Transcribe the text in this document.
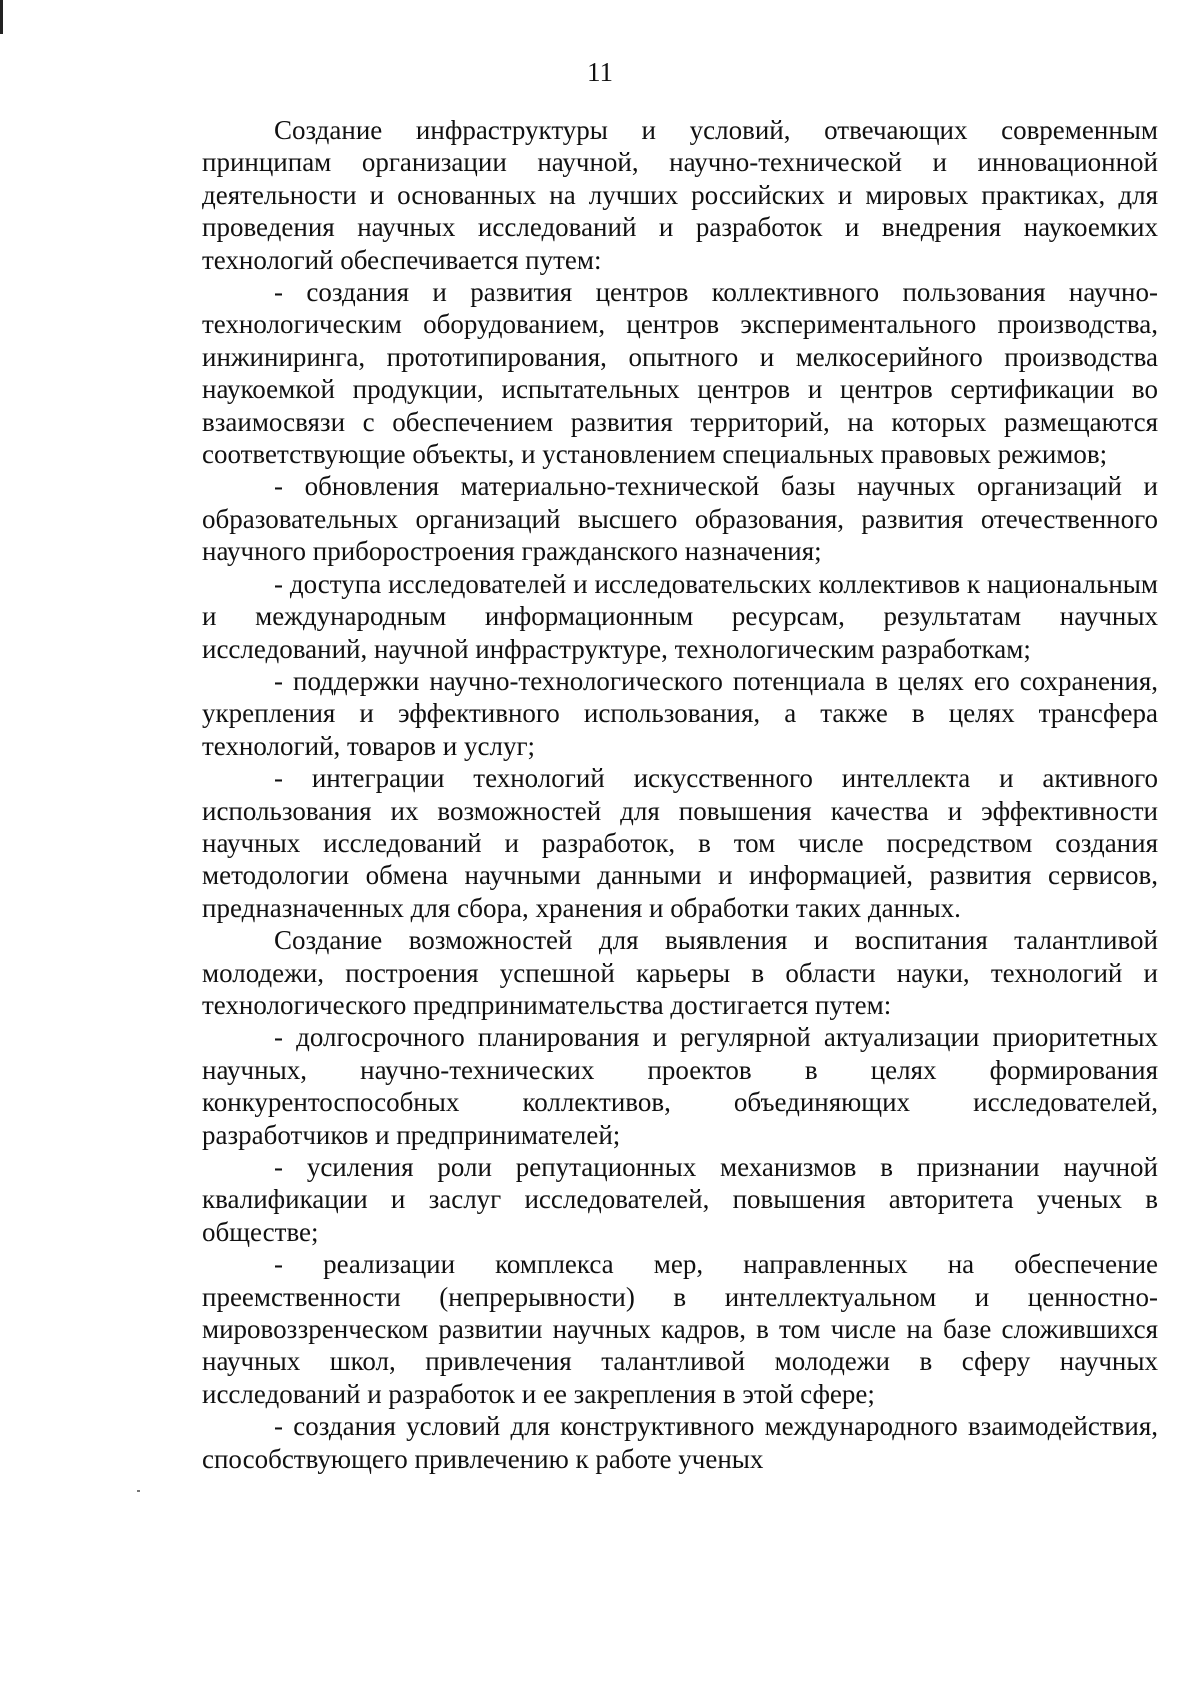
11

Создание инфраструктуры и условий, отвечающих современным принципам организации научной, научно-технической и инновационной деятельности и основанных на лучших российских и мировых практиках, для проведения научных исследований и разработок и внедрения наукоемких технологий обеспечивается путем:

- создания и развития центров коллективного пользования научно-технологическим оборудованием, центров экспериментального производства, инжиниринга, прототипирования, опытного и мелкосерийного производства наукоемкой продукции, испытательных центров и центров сертификации во взаимосвязи с обеспечением развития территорий, на которых размещаются соответствующие объекты, и установлением специальных правовых режимов;

- обновления материально-технической базы научных организаций и образовательных организаций высшего образования, развития отечественного научного приборостроения гражданского назначения;

- доступа исследователей и исследовательских коллективов к национальным и международным информационным ресурсам, результатам научных исследований, научной инфраструктуре, технологическим разработкам;

- поддержки научно-технологического потенциала в целях его сохранения, укрепления и эффективного использования, а также в целях трансфера технологий, товаров и услуг;

- интеграции технологий искусственного интеллекта и активного использования их возможностей для повышения качества и эффективности научных исследований и разработок, в том числе посредством создания методологии обмена научными данными и информацией, развития сервисов, предназначенных для сбора, хранения и обработки таких данных.

Создание возможностей для выявления и воспитания талантливой молодежи, построения успешной карьеры в области науки, технологий и технологического предпринимательства достигается путем:

- долгосрочного планирования и регулярной актуализации приоритетных научных, научно-технических проектов в целях формирования конкурентоспособных коллективов, объединяющих исследователей, разработчиков и предпринимателей;

- усиления роли репутационных механизмов в признании научной квалификации и заслуг исследователей, повышения авторитета ученых в обществе;

- реализации комплекса мер, направленных на обеспечение преемственности (непрерывности) в интеллектуальном и ценностно-мировоззренческом развитии научных кадров, в том числе на базе сложившихся научных школ, привлечения талантливой молодежи в сферу научных исследований и разработок и ее закрепления в этой сфере;

- создания условий для конструктивного международного взаимодействия, способствующего привлечению к работе ученых
